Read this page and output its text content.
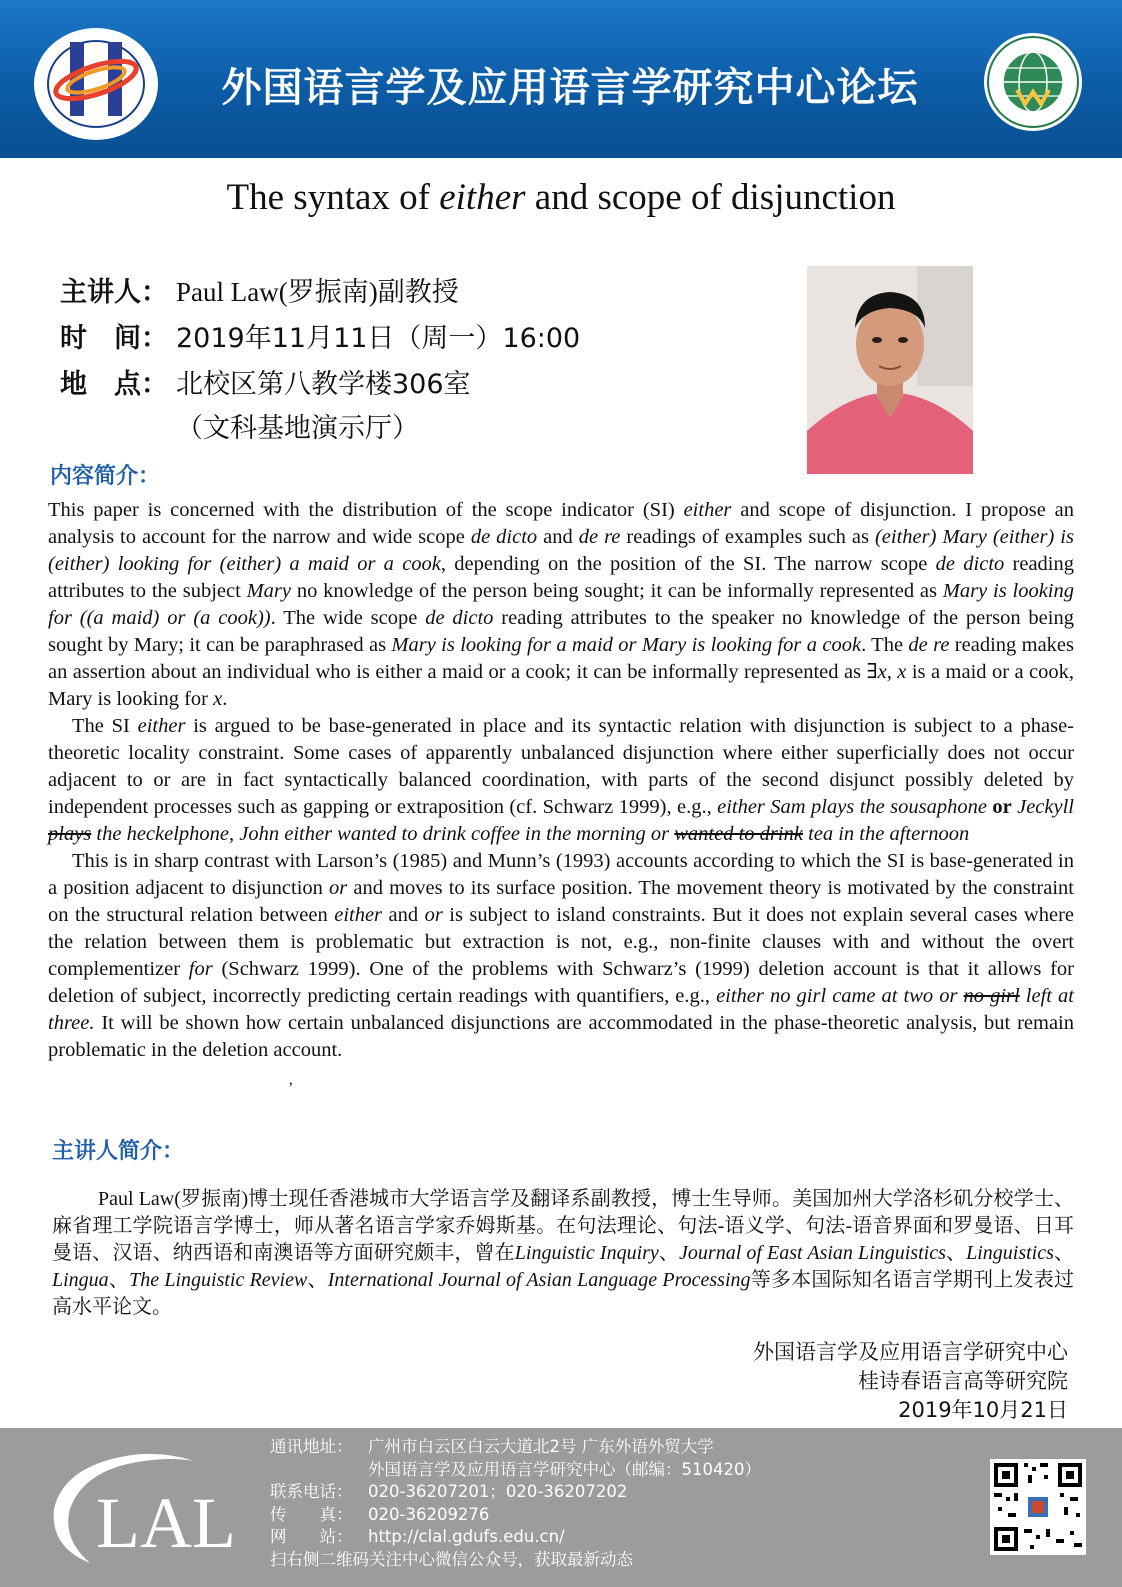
外国语言学及应用语言学研究中心论坛
The syntax of either and scope of disjunction
主讲人： Paul Law(罗振南)副教授
时　间： 2019年11月11日（周一）16:00
地　点： 北校区第八教学楼306室
（文科基地演示厅）
内容简介：

This paper is concerned with the distribution of the scope indicator (SI) either and scope of disjunction. I propose an analysis to account for the narrow and wide scope de dicto and de re readings of examples such as (either) Mary (either) is (either) looking for (either) a maid or a cook, depending on the position of the SI. The narrow scope de dicto reading attributes to the subject Mary no knowledge of the person being sought; it can be informally represented as Mary is looking for ((a maid) or (a cook)). The wide scope de dicto reading attributes to the speaker no knowledge of the person being sought by Mary; it can be paraphrased as Mary is looking for a maid or Mary is looking for a cook. The de re reading makes an assertion about an individual who is either a maid or a cook; it can be informally represented as ∃x, x is a maid or a cook, Mary is looking for x.

The SI either is argued to be base-generated in place and its syntactic relation with disjunction is subject to a phase-theoretic locality constraint. Some cases of apparently unbalanced disjunction where either superficially does not occur adjacent to or are in fact syntactically balanced coordination, with parts of the second disjunct possibly deleted by independent processes such as gapping or extraposition (cf. Schwarz 1999), e.g., either Sam plays the sousaphone or Jeckyll plays the heckelphone, John either wanted to drink coffee in the morning or wanted to drink tea in the afternoon

This is in sharp contrast with Larson’s (1985) and Munn’s (1993) accounts according to which the SI is base-generated in a position adjacent to disjunction or and moves to its surface position. The movement theory is motivated by the constraint on the structural relation between either and or is subject to island constraints. But it does not explain several cases where the relation between them is problematic but extraction is not, e.g., non-finite clauses with and without the overt complementizer for (Schwarz 1999). One of the problems with Schwarz’s (1999) deletion account is that it allows for deletion of subject, incorrectly predicting certain readings with quantifiers, e.g., either no girl came at two or no girl left at three. It will be shown how certain unbalanced disjunctions are accommodated in the phase-theoretic analysis, but remain problematic in the deletion account.

’
主讲人简介：
Paul Law(罗振南)博士现任香港城市大学语言学及翻译系副教授，博士生导师。美国加州大学洛杉矶分校学士、麻省理工学院语言学博士，师从著名语言学家乔姆斯基。在句法理论、句法-语义学、句法-语音界面和罗曼语、日耳曼语、汉语、纳西语和南澳语等方面研究颇丰，曾在Linguistic Inquiry、Journal of East Asian Linguistics、Linguistics、Lingua、The Linguistic Review、International Journal of Asian Language Processing等多本国际知名语言学期刊上发表过高水平论文。
外国语言学及应用语言学研究中心
桂诗春语言高等研究院
2019年10月21日
LAL
通讯地址： 广州市白云区白云大道北2号 广东外语外贸大学
外国语言学及应用语言学研究中心（邮编：510420）
联系电话： 020-36207201；020-36207202
传　　真： 020-36209276
网　　站： http://clal.gdufs.edu.cn/
扫右侧二维码关注中心微信公众号，获取最新动态
